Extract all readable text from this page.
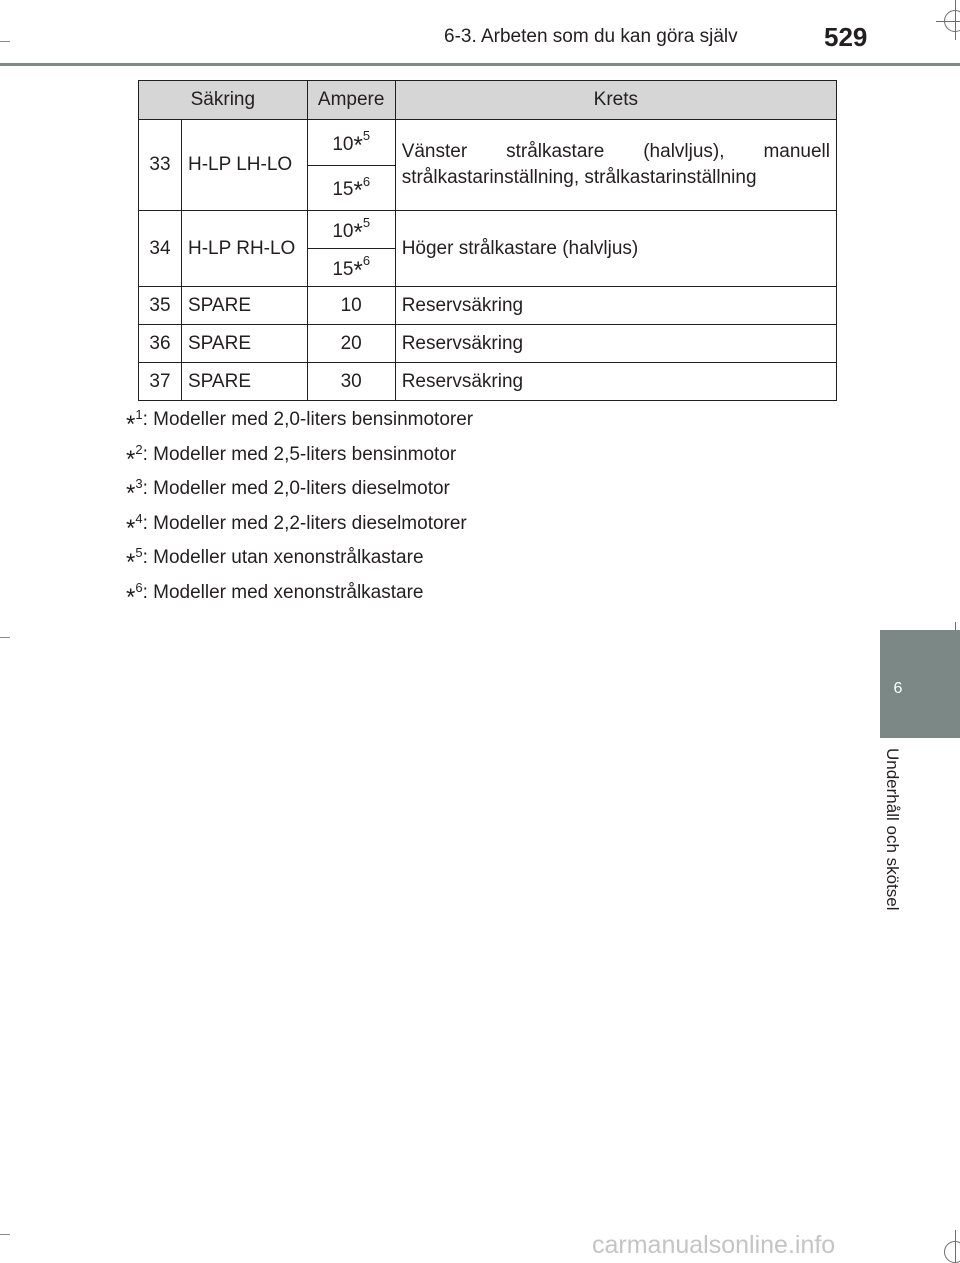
6-3. Arbeten som du kan göra själv	529
6
Underhåll och skötsel
Säkring		Ampere	Krets
33	H-LP LH-LO	10*$^5$	Vänster strålkastare (halvljus), manuell strålkastarinställning, strålkastarinställning
		15*$^6$
34	H-LP RH-LO	10*$^5$	Höger strålkastare (halvljus)
		15*$^6$
35	SPARE	10	Reservsäkring
36	SPARE	20	Reservsäkring
37	SPARE	30	Reservsäkring
* 1 : Modeller med 2,0-liters bensinmotorer
* 2 : Modeller med 2,5-liters bensinmotor
* 3 : Modeller med 2,0-liters dieselmotor
* 4 : Modeller med 2,2-liters dieselmotorer
* 5 : Modeller utan xenonstrålkastare
* 6 : Modeller med xenonstrålkastare
carmanualsonline.info
